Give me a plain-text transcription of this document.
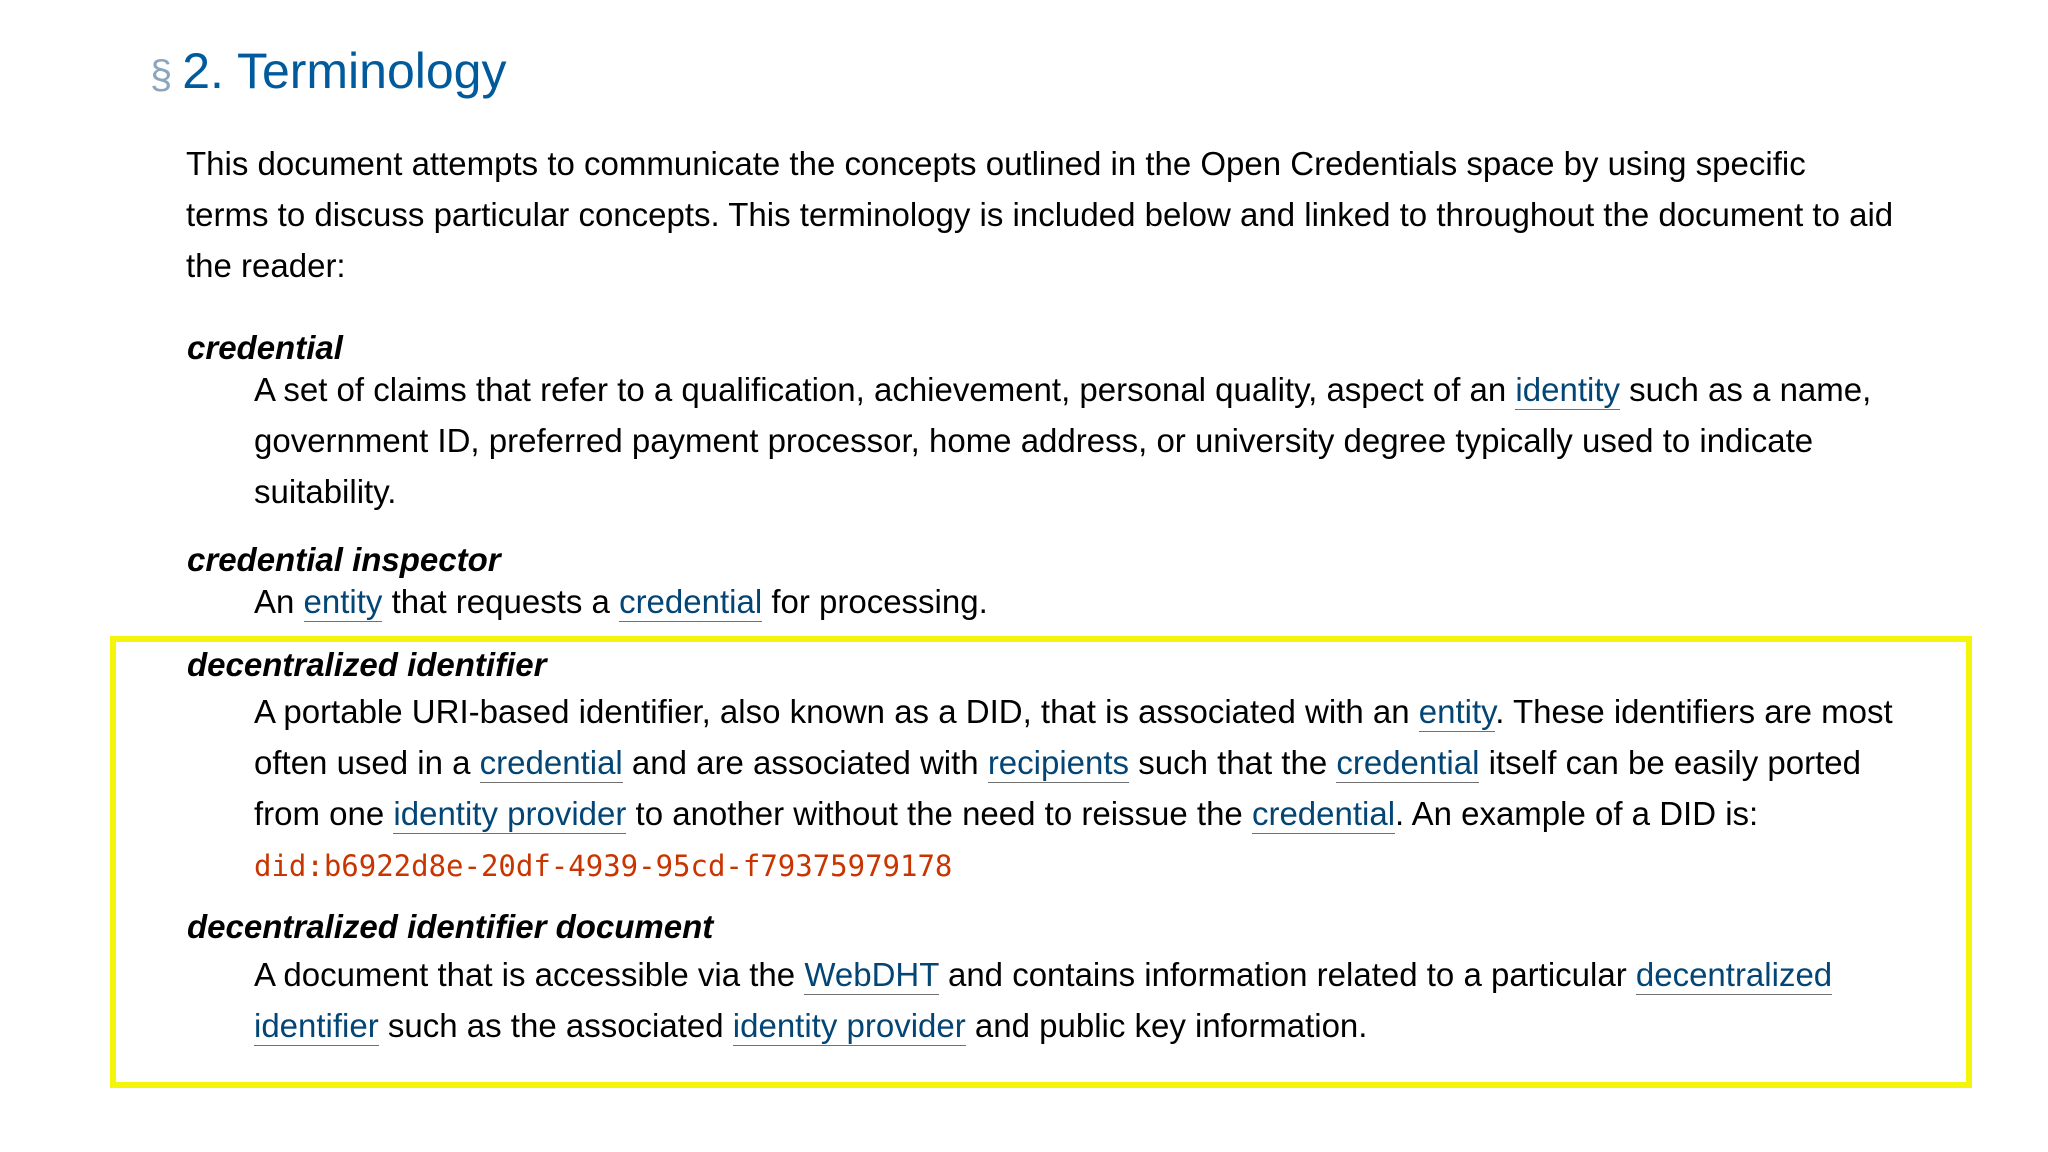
§ 2. Terminology

This document attempts to communicate the concepts outlined in the Open Credentials space by using specific terms to discuss particular concepts. This terminology is included below and linked to throughout the document to aid the reader:

credential

A set of claims that refer to a qualification, achievement, personal quality, aspect of an identity such as a name, government ID, preferred payment processor, home address, or university degree typically used to indicate suitability.

credential inspector

An entity that requests a credential for processing.

decentralized identifier

A portable URI-based identifier, also known as a DID, that is associated with an entity. These identifiers are most often used in a credential and are associated with recipients such that the credential itself can be easily ported from one identity provider to another without the need to reissue the credential. An example of a DID is: did:b6922d8e-20df-4939-95cd-f79375979178

decentralized identifier document

A document that is accessible via the WebDHT and contains information related to a particular decentralized identifier such as the associated identity provider and public key information.
